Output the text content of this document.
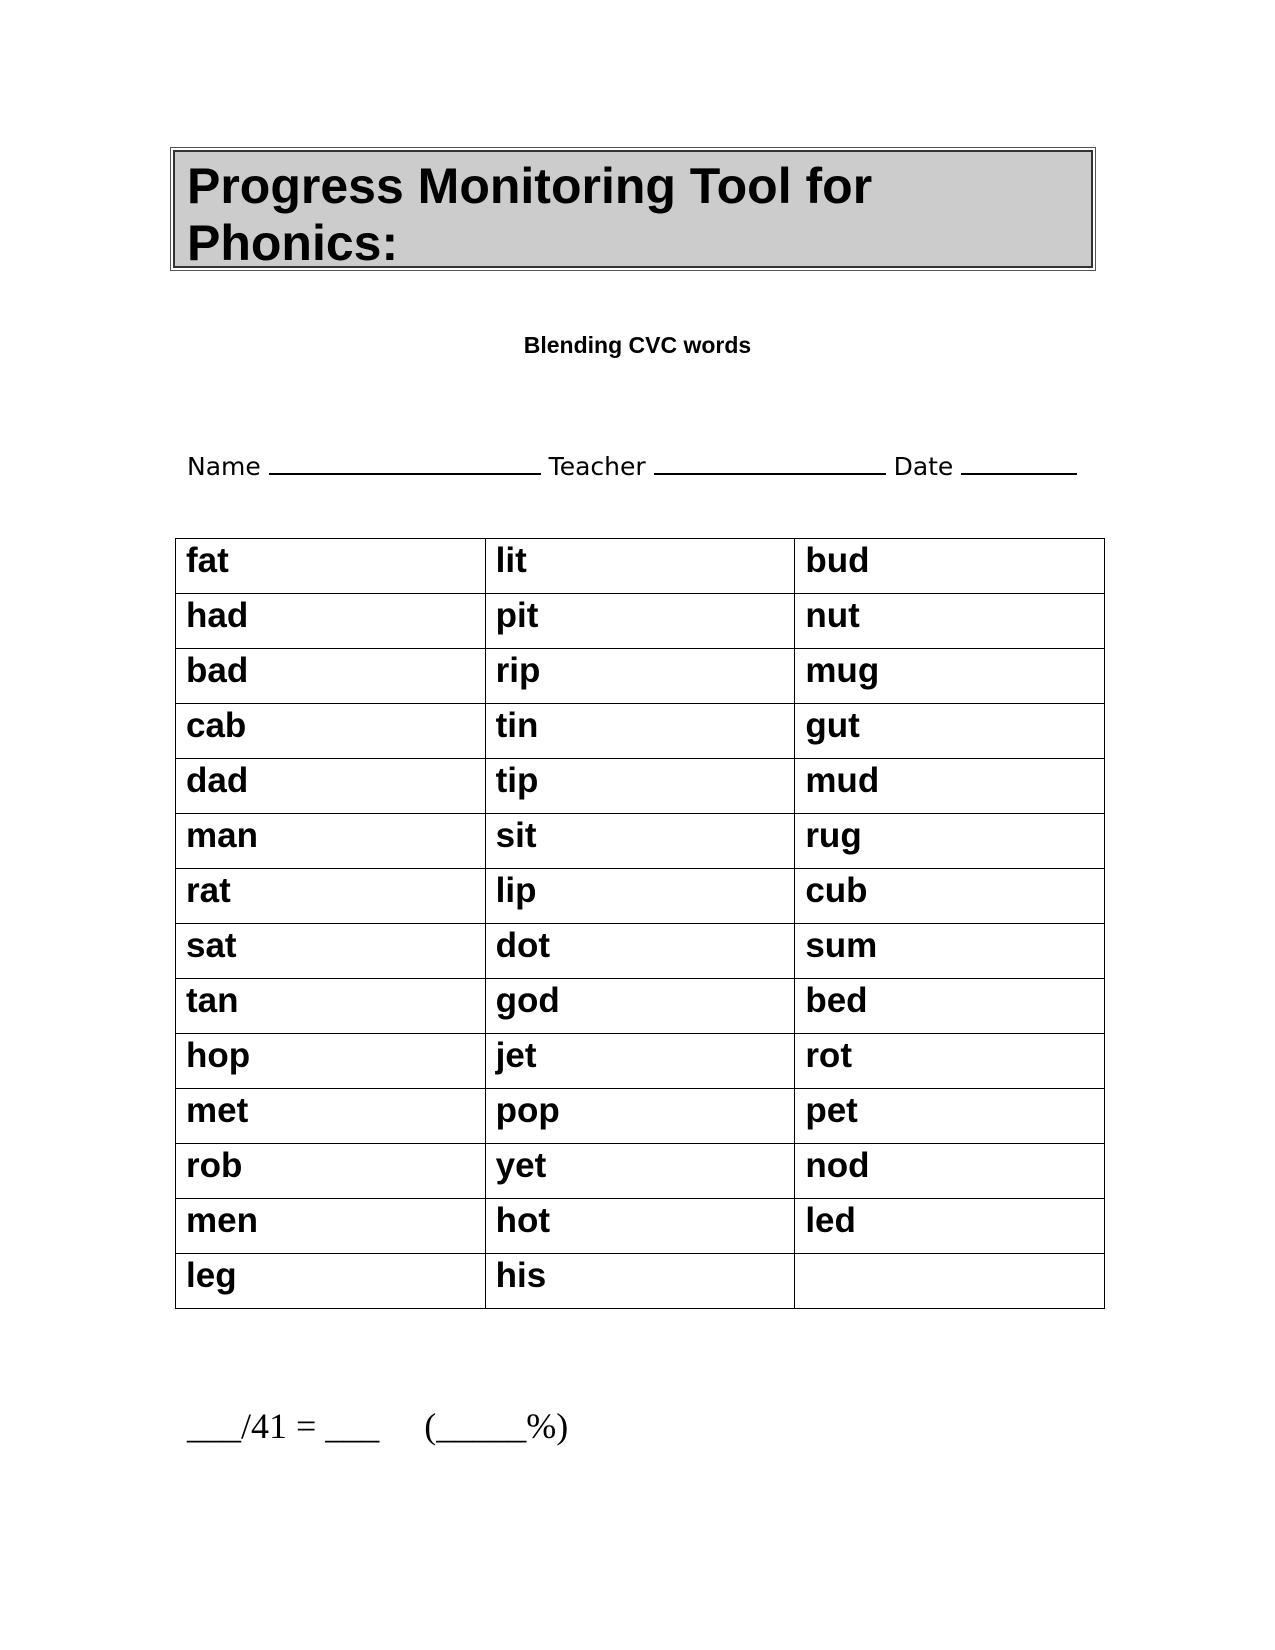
Progress Monitoring Tool for
Phonics:
Blending CVC words
Name	Teacher	Date
fat	lit	bud
had	pit	nut
bad	rip	mug
cab	tin	gut
dad	tip	mud
man	sit	rug
rat	lip	cub
sat	dot	sum
tan	god	bed
hop	jet	rot
met	pop	pet
rob	yet	nod
men	hot	led
leg	his	
___/41 = ___     (_____%)
